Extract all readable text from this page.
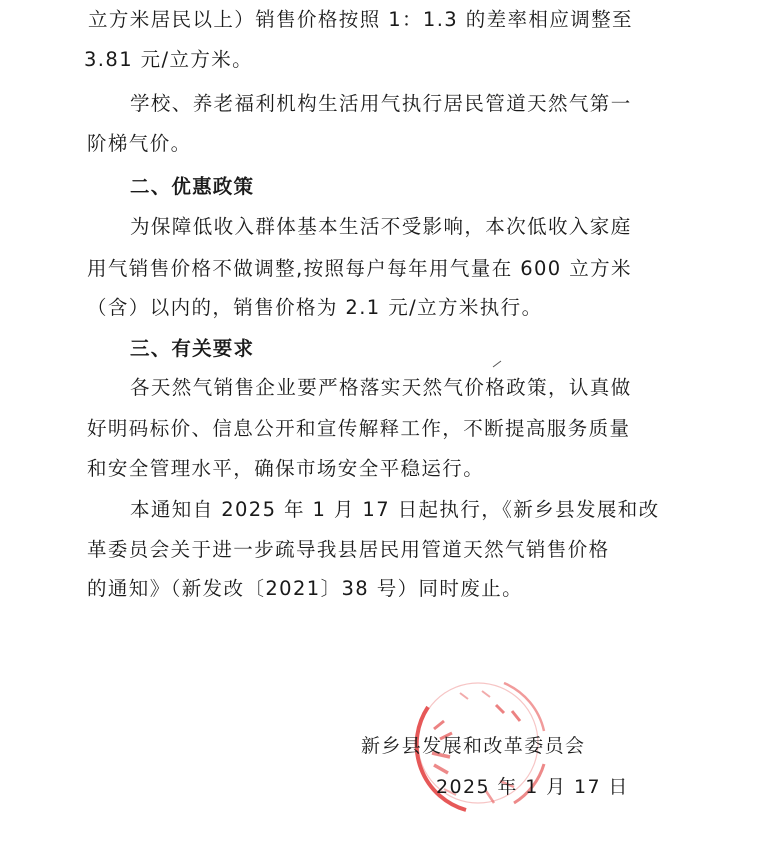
立方米居民以上）销售价格按照 1：1.3 的差率相应调整至
3.81 元/立方米。
学校、养老福利机构生活用气执行居民管道天然气第一
阶梯气价。
二、优惠政策
为保障低收入群体基本生活不受影响，本次低收入家庭
用气销售价格不做调整,按照每户每年用气量在 600 立方米
（含）以内的，销售价格为 2.1 元/立方米执行。
三、有关要求
各天然气销售企业要严格落实天然气价格政策，认真做
好明码标价、信息公开和宣传解释工作，不断提高服务质量
和安全管理水平，确保市场安全平稳运行。
本通知自 2025 年 1 月 17 日起执行，《新乡县发展和改
革委员会关于进一步疏导我县居民用管道天然气销售价格
的通知》（新发改〔2021〕38 号）同时废止。
新乡县发展和改革委员会
2025 年 1 月 17 日
